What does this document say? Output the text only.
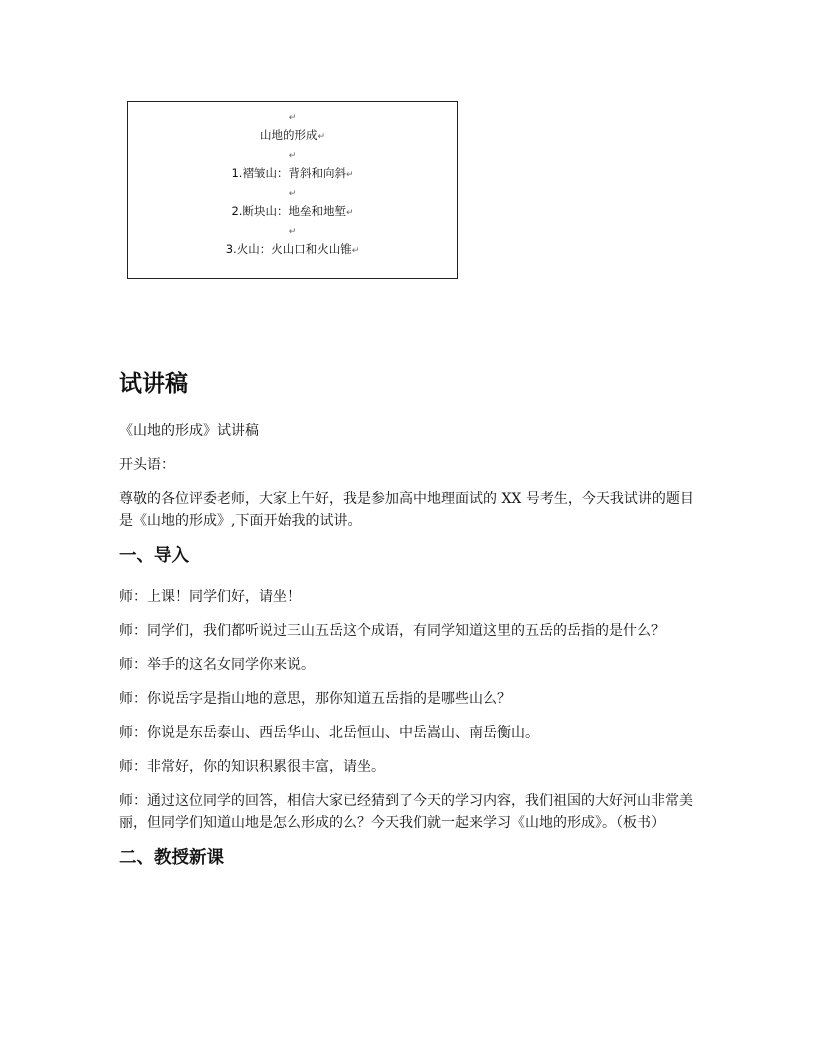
↵
山地的形成↵
↵
1.褶皱山：背斜和向斜↵
↵
2.断块山：地垒和地堑↵
↵
3.火山：火山口和火山锥↵
试讲稿
《山地的形成》试讲稿
开头语：
尊敬的各位评委老师，大家上午好，我是参加高中地理面试的 XX 号考生，今天我试讲的题目是《山地的形成》,下面开始我的试讲。
一、导入
师：上课！同学们好，请坐！
师：同学们，我们都听说过三山五岳这个成语，有同学知道这里的五岳的岳指的是什么？
师：举手的这名女同学你来说。
师：你说岳字是指山地的意思，那你知道五岳指的是哪些山么？
师：你说是东岳泰山、西岳华山、北岳恒山、中岳嵩山、南岳衡山。
师：非常好，你的知识积累很丰富，请坐。
师：通过这位同学的回答，相信大家已经猜到了今天的学习内容，我们祖国的大好河山非常美丽，但同学们知道山地是怎么形成的么？今天我们就一起来学习《山地的形成》。（板书）
二、教授新课
